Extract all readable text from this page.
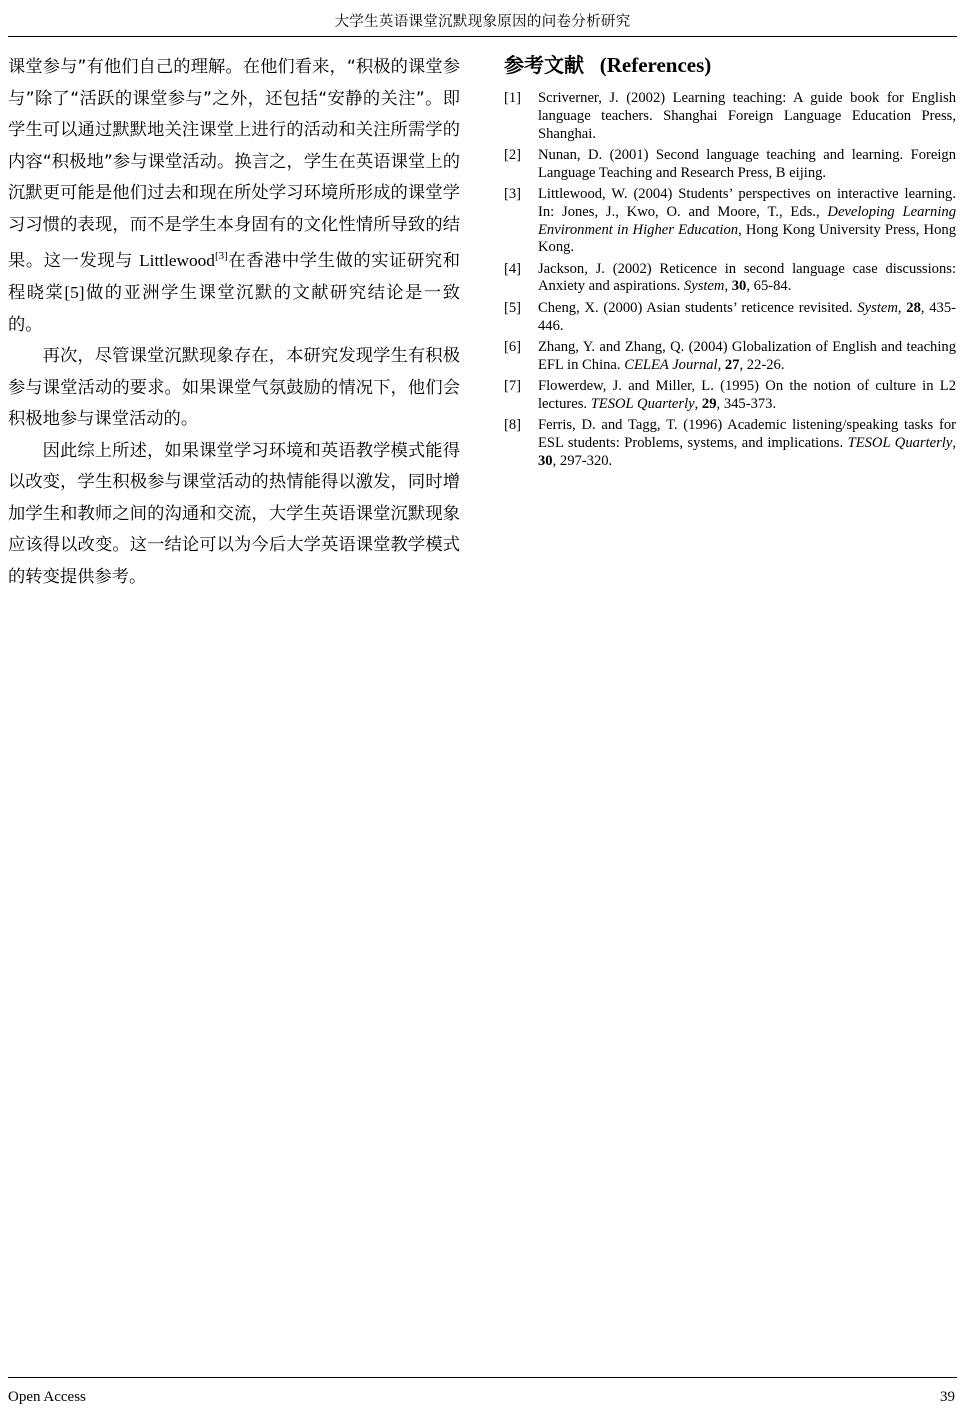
大学生英语课堂沉默现象原因的问卷分析研究

课堂参与”有他们自己的理解。在他们看来，“积极的课堂参与”除了“活跃的课堂参与”之外，还包括“安静的关注”。即学生可以通过默默地关注课堂上进行的活动和关注所需学的内容“积极地”参与课堂活动。换言之，学生在英语课堂上的沉默更可能是他们过去和现在所处学习环境所形成的课堂学习习惯的表现，而不是学生本身固有的文化性情所导致的结果。这一发现与 Littlewood[3]在香港中学生做的实证研究和程晓棠[5]做的亚洲学生课堂沉默的文献研究结论是一致的。

再次，尽管课堂沉默现象存在，本研究发现学生有积极参与课堂活动的要求。如果课堂气氛鼓励的情况下，他们会积极地参与课堂活动的。

因此综上所述，如果课堂学习环境和英语教学模式能得以改变，学生积极参与课堂活动的热情能得以激发，同时增加学生和教师之间的沟通和交流，大学生英语课堂沉默现象应该得以改变。这一结论可以为今后大学英语课堂教学模式的转变提供参考。

参考文献 (References)
[1]	Scriverner, J. (2002) Learning teaching: A guide book for English language teachers. Shanghai Foreign Language Education Press, Shanghai.
[2]	Nunan, D. (2001) Second language teaching and learning. Foreign Language Teaching and Research Press, B eijing.
[3]	Littlewood, W. (2004) Students’ perspectives on interactive learning. In: Jones, J., Kwo, O. and Moore, T., Eds., Developing Learning Environment in Higher Education, Hong Kong University Press, Hong Kong.
[4]	Jackson, J. (2002) Reticence in second language case discussions: Anxiety and aspirations. System, 30, 65-84.
[5]	Cheng, X. (2000) Asian students’ reticence revisited. System, 28, 435-446.
[6]	Zhang, Y. and Zhang, Q. (2004) Globalization of English and teaching EFL in China. CELEA Journal, 27, 22-26.
[7]	Flowerdew, J. and Miller, L. (1995) On the notion of culture in L2 lectures. TESOL Quarterly, 29, 345-373.
[8]	Ferris, D. and Tagg, T. (1996) Academic listening/speaking tasks for ESL students: Problems, systems, and implications. TESOL Quarterly, 30, 297-320.
Open Access	39
